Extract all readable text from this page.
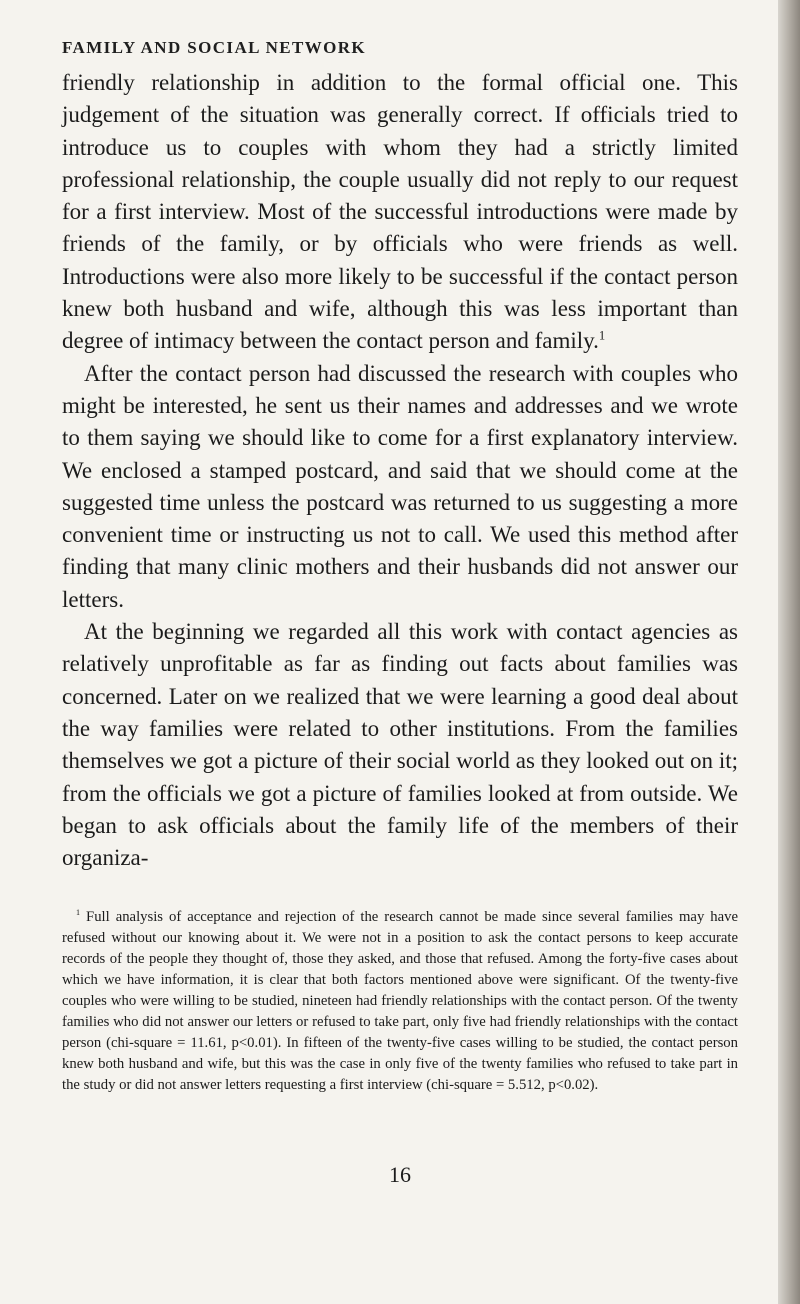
FAMILY AND SOCIAL NETWORK

friendly relationship in addition to the formal official one. This judgement of the situation was generally correct. If officials tried to introduce us to couples with whom they had a strictly limited professional relationship, the couple usually did not reply to our request for a first interview. Most of the successful introductions were made by friends of the family, or by officials who were friends as well. Introductions were also more likely to be successful if the contact person knew both husband and wife, although this was less important than degree of intimacy between the contact person and family.$^1$

After the contact person had discussed the research with couples who might be interested, he sent us their names and addresses and we wrote to them saying we should like to come for a first explanatory interview. We enclosed a stamped postcard, and said that we should come at the suggested time unless the postcard was returned to us suggesting a more convenient time or instructing us not to call. We used this method after finding that many clinic mothers and their husbands did not answer our letters.

At the beginning we regarded all this work with contact agencies as relatively unprofitable as far as finding out facts about families was concerned. Later on we realized that we were learning a good deal about the way families were related to other institutions. From the families themselves we got a picture of their social world as they looked out on it; from the officials we got a picture of families looked at from outside. We began to ask officials about the family life of the members of their organiza-

$^1$ Full analysis of acceptance and rejection of the research cannot be made since several families may have refused without our knowing about it. We were not in a position to ask the contact persons to keep accurate records of the people they thought of, those they asked, and those that refused. Among the forty-five cases about which we have information, it is clear that both factors mentioned above were significant. Of the twenty-five couples who were willing to be studied, nineteen had friendly relationships with the contact person. Of the twenty families who did not answer our letters or refused to take part, only five had friendly relationships with the contact person (chi-square = 11.61, p<0.01). In fifteen of the twenty-five cases willing to be studied, the contact person knew both husband and wife, but this was the case in only five of the twenty families who refused to take part in the study or did not answer letters requesting a first interview (chi-square = 5.512, p<0.02).

16
